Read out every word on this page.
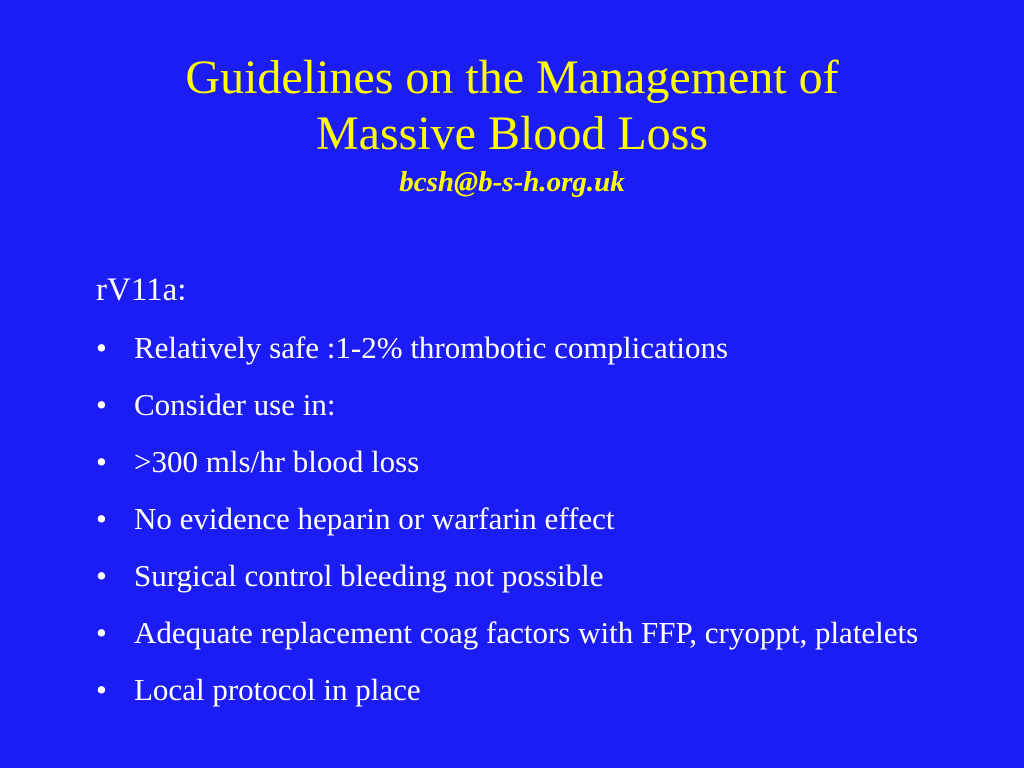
Guidelines on the Management of
Massive Blood Loss
bcsh@b-s-h.org.uk
rV11a:
• Relatively safe :1-2% thrombotic complications
• Consider use in:
• >300 mls/hr blood loss
• No evidence heparin or warfarin effect
• Surgical control bleeding not possible
• Adequate replacement coag factors with FFP, cryoppt, platelets
• Local protocol in place
